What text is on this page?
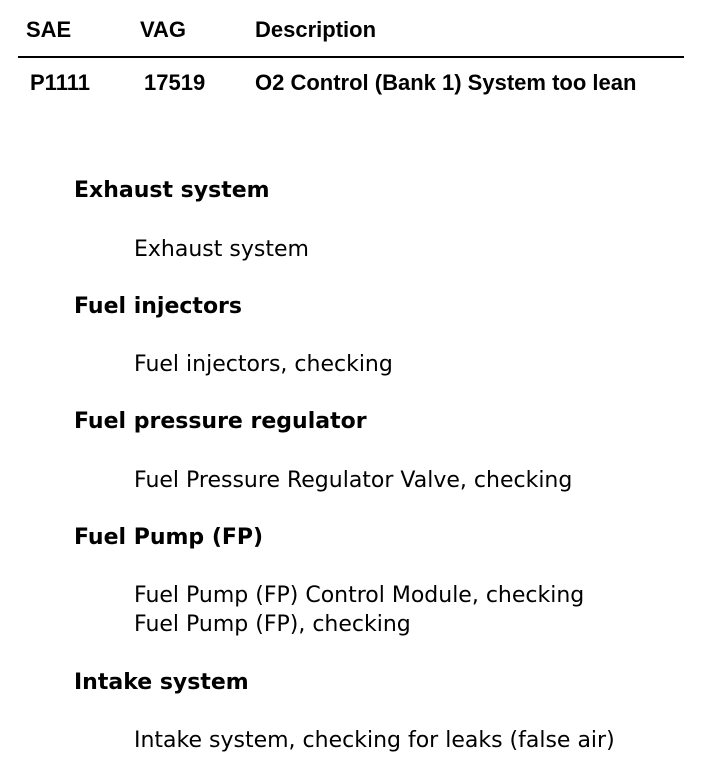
SAE	VAG	Description
P1111 17519 O2 Control (Bank 1) System too lean
Exhaust system
Exhaust system
Fuel injectors
Fuel injectors, checking
Fuel pressure regulator
Fuel Pressure Regulator Valve, checking
Fuel Pump (FP)
Fuel Pump (FP) Control Module, checking
Fuel Pump (FP), checking
Intake system
Intake system, checking for leaks (false air)
